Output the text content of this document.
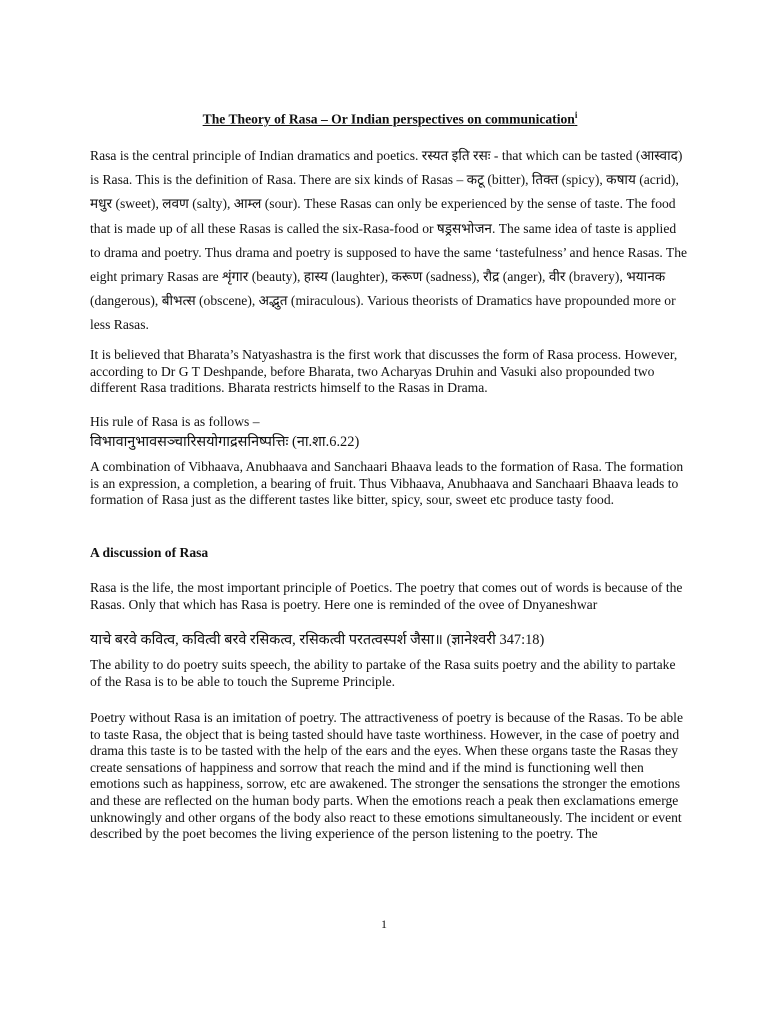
The Theory of Rasa – Or Indian perspectives on communication$^i$

Rasa is the central principle of Indian dramatics and poetics. रस्यत इति रसः - that which can be tasted (आस्वाद) is Rasa. This is the definition of Rasa. There are six kinds of Rasas – कटू (bitter), तिक्त (spicy), कषाय (acrid), मधुर (sweet), लवण (salty), आम्ल (sour). These Rasas can only be experienced by the sense of taste. The food that is made up of all these Rasas is called the six-Rasa-food or षड्रसभोजन. The same idea of taste is applied to drama and poetry. Thus drama and poetry is supposed to have the same ‘tastefulness’ and hence Rasas. The eight primary Rasas are शृंगार (beauty), हास्य (laughter), करूण (sadness), रौद्र (anger), वीर (bravery), भयानक (dangerous), बीभत्स (obscene), अद्भुत (miraculous). Various theorists of Dramatics have propounded more or less Rasas.

It is believed that Bharata’s Natyashastra is the first work that discusses the form of Rasa process. However, according to Dr G T Deshpande, before Bharata, two Acharyas Druhin and Vasuki also propounded two different Rasa traditions. Bharata restricts himself to the Rasas in Drama.

His rule of Rasa is as follows –

विभावानुभावसञ्चारिसयोगाद्रसनिष्पत्तिः (ना.शा.6.22)

A combination of Vibhaava, Anubhaava and Sanchaari Bhaava leads to the formation of Rasa. The formation is an expression, a completion, a bearing of fruit. Thus Vibhaava, Anubhaava and Sanchaari Bhaava leads to formation of Rasa just as the different tastes like bitter, spicy, sour, sweet etc produce tasty food.

A discussion of Rasa

Rasa is the life, the most important principle of Poetics. The poetry that comes out of words is because of the Rasas. Only that which has Rasa is poetry. Here one is reminded of the ovee of Dnyaneshwar

याचे बरवे कवित्व, कवित्वी बरवे रसिकत्व, रसिकत्वी परतत्वस्पर्श जैसा॥ (ज्ञानेश्वरी 347:18)

The ability to do poetry suits speech, the ability to partake of the Rasa suits poetry and the ability to partake of the Rasa is to be able to touch the Supreme Principle.

Poetry without Rasa is an imitation of poetry. The attractiveness of poetry is because of the Rasas. To be able to taste Rasa, the object that is being tasted should have taste worthiness. However, in the case of poetry and drama this taste is to be tasted with the help of the ears and the eyes. When these organs taste the Rasas they create sensations of happiness and sorrow that reach the mind and if the mind is functioning well then emotions such as happiness, sorrow, etc are awakened. The stronger the sensations the stronger the emotions and these are reflected on the human body parts. When the emotions reach a peak then exclamations emerge unknowingly and other organs of the body also react to these emotions simultaneously. The incident or event described by the poet becomes the living experience of the person listening to the poetry. The

1
